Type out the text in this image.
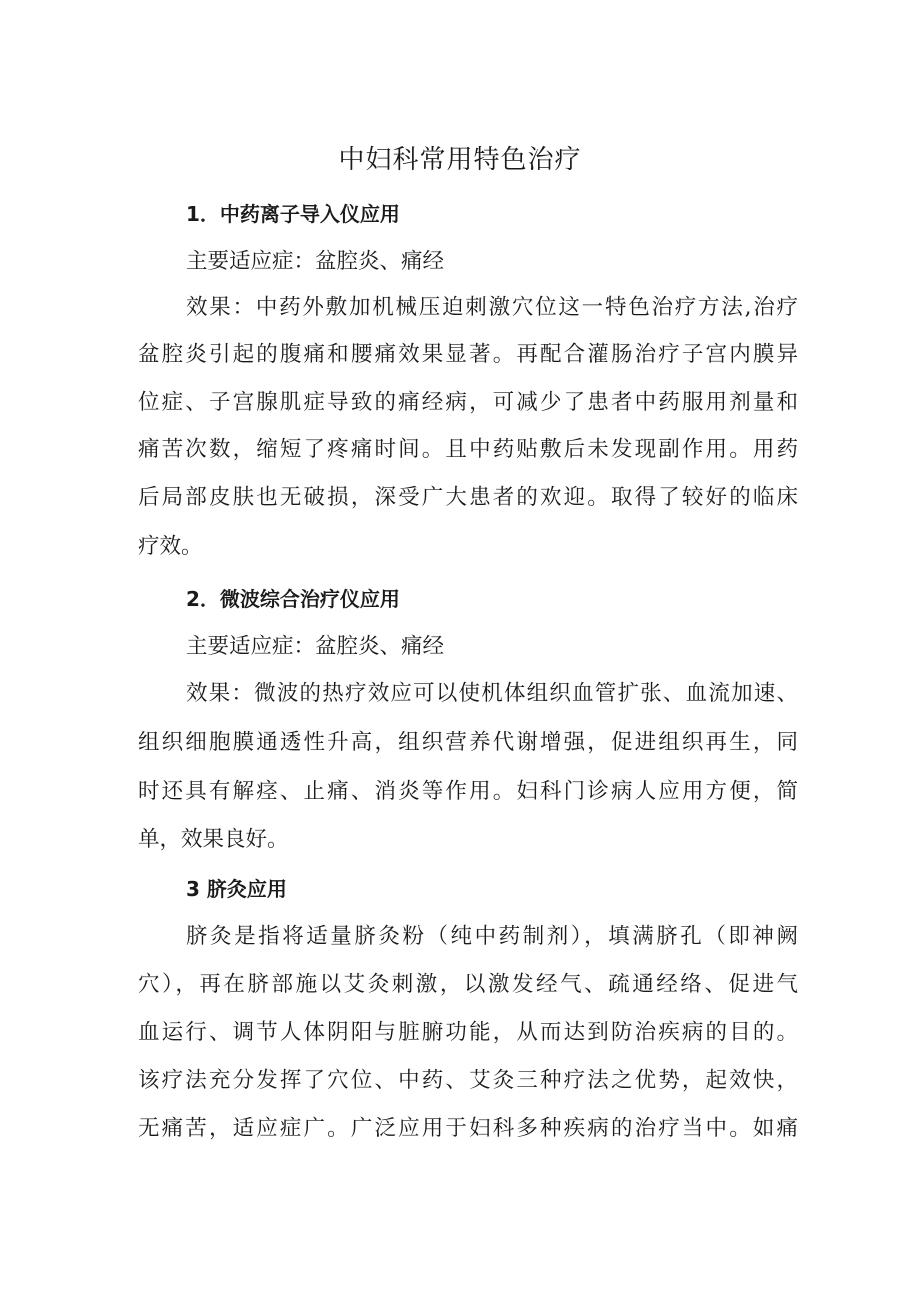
中妇科常用特色治疗
1．中药离子导入仪应用
主要适应症：盆腔炎、痛经
效果：中药外敷加机械压迫刺激穴位这一特色治疗方法,治疗
盆腔炎引起的腹痛和腰痛效果显著。再配合灌肠治疗子宫内膜异
位症、子宫腺肌症导致的痛经病，可减少了患者中药服用剂量和
痛苦次数，缩短了疼痛时间。且中药贴敷后未发现副作用。用药
后局部皮肤也无破损，深受广大患者的欢迎。取得了较好的临床
疗效。
2．微波综合治疗仪应用
主要适应症：盆腔炎、痛经
效果：微波的热疗效应可以使机体组织血管扩张、血流加速、
组织细胞膜通透性升高，组织营养代谢增强，促进组织再生，同
时还具有解痉、止痛、消炎等作用。妇科门诊病人应用方便，简
单，效果良好。
3 脐灸应用
脐灸是指将适量脐灸粉（纯中药制剂），填满脐孔（即神阙
穴），再在脐部施以艾灸刺激，以激发经气、疏通经络、促进气
血运行、调节人体阴阳与脏腑功能，从而达到防治疾病的目的。
该疗法充分发挥了穴位、中药、艾灸三种疗法之优势，起效快，
无痛苦，适应症广。广泛应用于妇科多种疾病的治疗当中。如痛
